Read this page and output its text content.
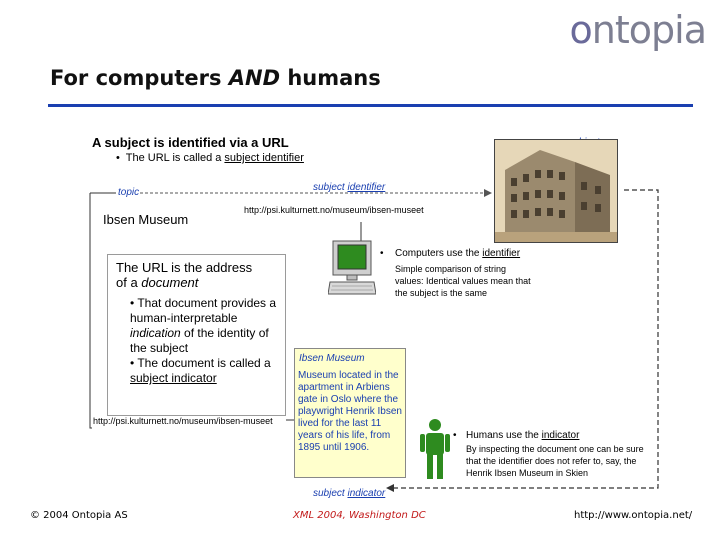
ontopia
For computers AND humans
A subject is identified via a URL
• The URL is called a subject identifier
topic	subject identifier
Ibsen Museum
http://psi.kulturnett.no/museum/ibsen-museet
The URL is the address
of a document
• That document provides a human-interpretable indication of the identity of the subject
• The document is called a subject indicator
http://psi.kulturnett.no/museum/ibsen-museet
• Computers use the identifier
Simple comparison of string values: Identical values mean that the subject is the same
Ibsen Museum
Museum located in the apartment in Arbiens gate in Oslo where the playwright Henrik Ibsen lived for the last 11 years of his life, from 1895 until 1906.
• Humans use the indicator
By inspecting the document one can be sure that the identifier does not refer to, say, the Henrik Ibsen Museum in Skien
subject indicator
© 2004 Ontopia AS	XML 2004, Washington DC	http://www.ontopia.net/
